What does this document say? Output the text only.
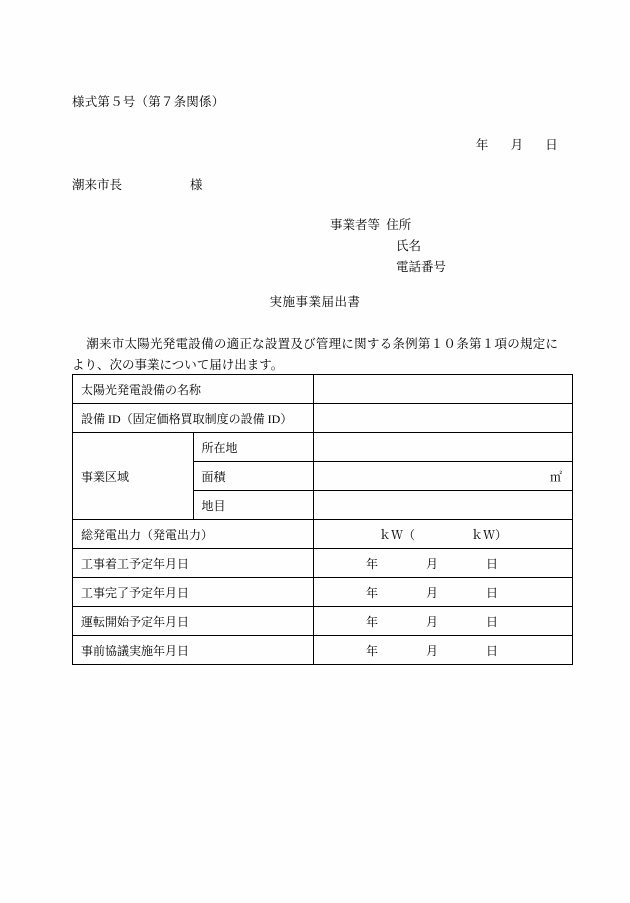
様式第５号（第７条関係）
年 月 日
潮来市長	様
事業者等 住所
氏名
電話番号
実施事業届出書
潮来市太陽光発電設備の適正な設置及び管理に関する条例第１０条第１項の規定により、次の事業について届け出ます。
太陽光発電設備の名称		
設備 ID（固定価格買取制度の設備 ID）		
事業区域	所在地	
	面積	㎡

	地目	
総発電出力（発電出力）		ｋＷ（ ｋＷ）

工事着工予定年月日		年 月 日

工事完了予定年月日		年 月 日

運転開始予定年月日		年 月 日

事前協議実施年月日		年 月 日
